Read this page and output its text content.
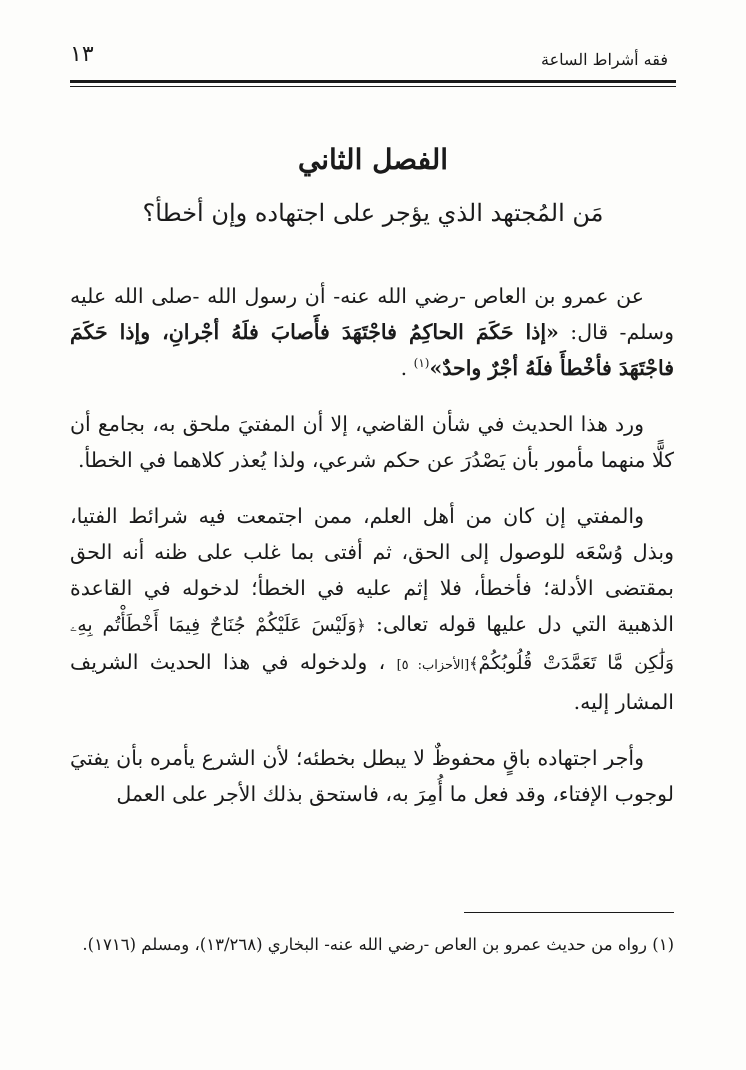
فقه أشراط الساعة
١٣
الفصل الثاني
مَن المُجتهد الذي يؤجر على اجتهاده وإن أخطأ؟

عن عمرو بن العاص -رضي الله عنه- أن رسول الله -صلى الله عليه وسلم- قال: «إذا حَكَمَ الحاكِمُ فاجْتَهَدَ فأَصابَ فلَهُ أجْرانِ، وإذا حَكَمَ فاجْتَهَدَ فأخْطأَ فلَهُ أجْرٌ واحدٌ»$^{(١)}$ .

ورد هذا الحديث في شأن القاضي، إلا أن المفتيَ ملحق به، بجامع أن كلًّا منهما مأمور بأن يَصْدُرَ عن حكم شرعي، ولذا يُعذر كلاهما في الخطأ.

والمفتي إن كان من أهل العلم، ممن اجتمعت فيه شرائط الفتيا، وبذل وُسْعَه للوصول إلى الحق، ثم أفتى بما غلب على ظنه أنه الحق بمقتضى الأدلة؛ فأخطأ، فلا إثم عليه في الخطأ؛ لدخوله في القاعدة الذهبية التي دل عليها قوله تعالى: ﴿وَلَيْسَ عَلَيْكُمْ جُنَاحٌ فِيمَا أَخْطَأْتُم بِهِۦ وَلَٰكِن مَّا تَعَمَّدَتْ قُلُوبُكُمْ﴾[الأحزاب: ٥] ، ولدخوله في هذا الحديث الشريف المشار إليه.

وأجر اجتهاده باقٍ محفوظٌ لا يبطل بخطئه؛ لأن الشرع يأمره بأن يفتيَ لوجوب الإفتاء، وقد فعل ما أُمِرَ به، فاستحق بذلك الأجر على العمل

(١) رواه من حديث عمرو بن العاص -رضي الله عنه- البخاري (١٣/٢٦٨)، ومسلم (١٧١٦).
